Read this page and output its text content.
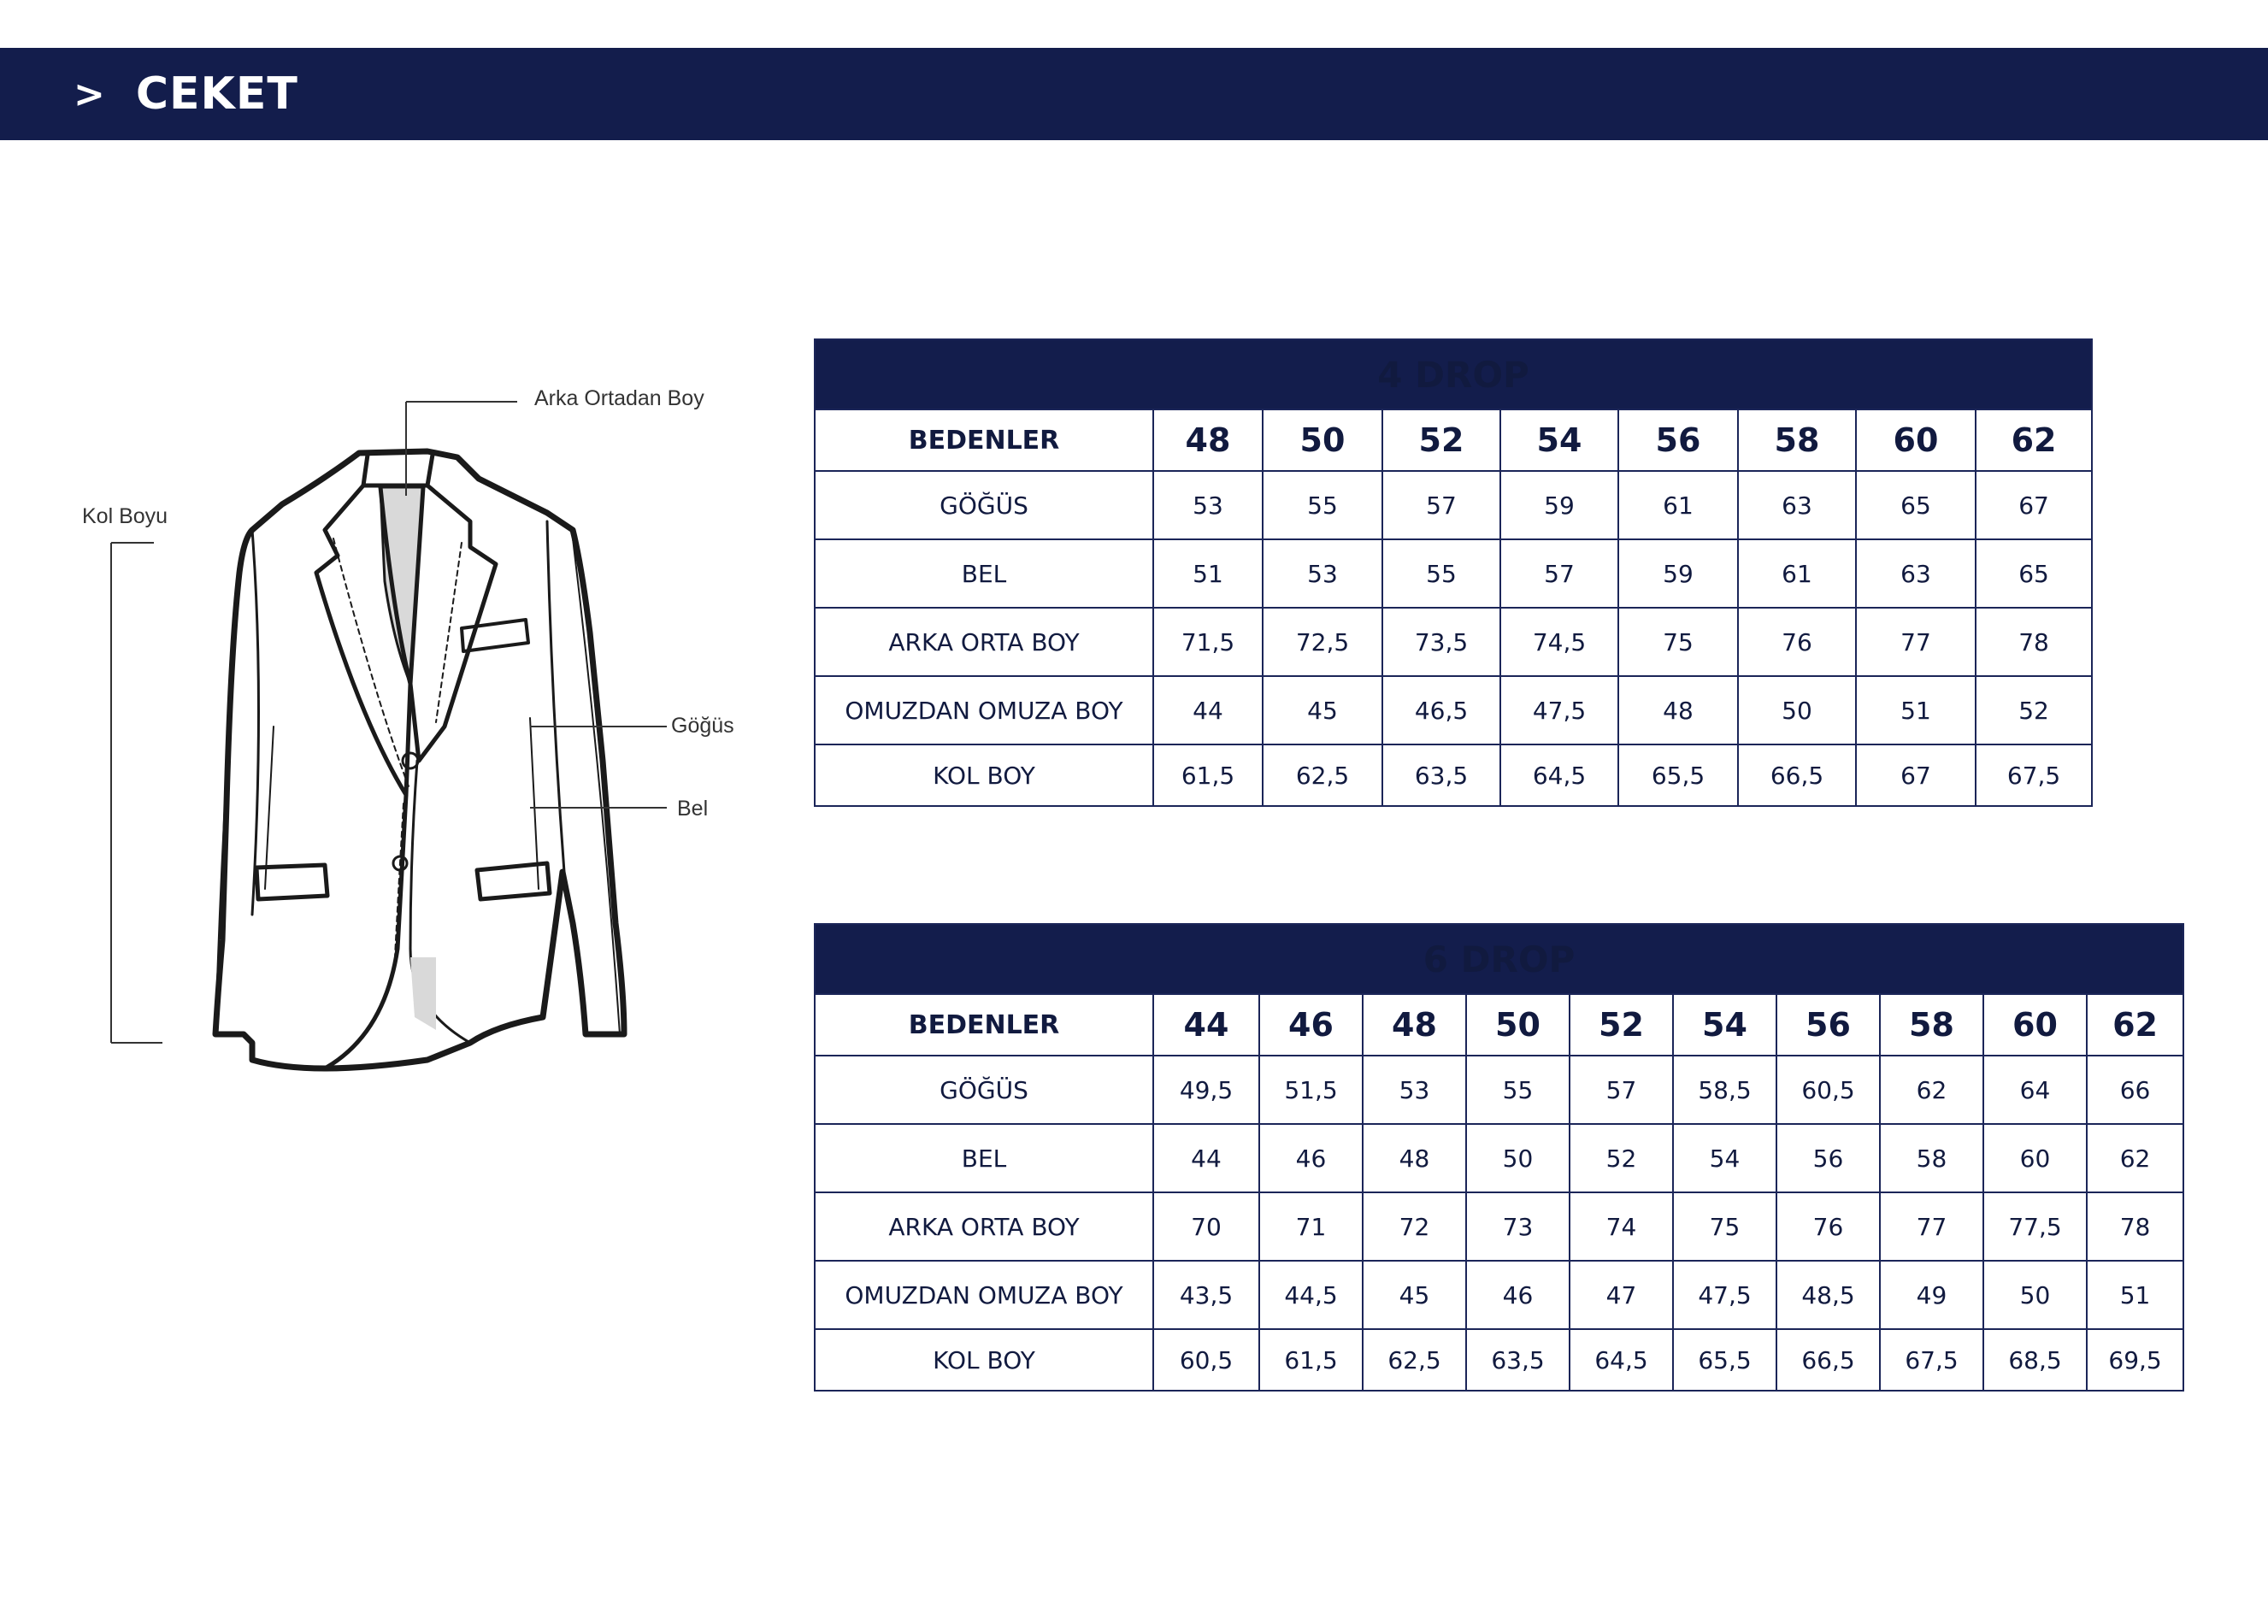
> CEKET
Arka Ortadan Boy
Kol Boyu
Göğüs
Bel
4 DROP								
BEDENLER	48	50	52	54	56	58	60	62
GÖĞÜS	53	55	57	59	61	63	65	67
BEL	51	53	55	57	59	61	63	65
ARKA ORTA BOY	71,5	72,5	73,5	74,5	75	76	77	78
OMUZDAN OMUZA BOY	44	45	46,5	47,5	48	50	51	52
KOL BOY	61,5	62,5	63,5	64,5	65,5	66,5	67	67,5
6 DROP										
BEDENLER	44	46	48	50	52	54	56	58	60	62
GÖĞÜS	49,5	51,5	53	55	57	58,5	60,5	62	64	66
BEL	44	46	48	50	52	54	56	58	60	62
ARKA ORTA BOY	70	71	72	73	74	75	76	77	77,5	78
OMUZDAN OMUZA BOY	43,5	44,5	45	46	47	47,5	48,5	49	50	51
KOL BOY	60,5	61,5	62,5	63,5	64,5	65,5	66,5	67,5	68,5	69,5
